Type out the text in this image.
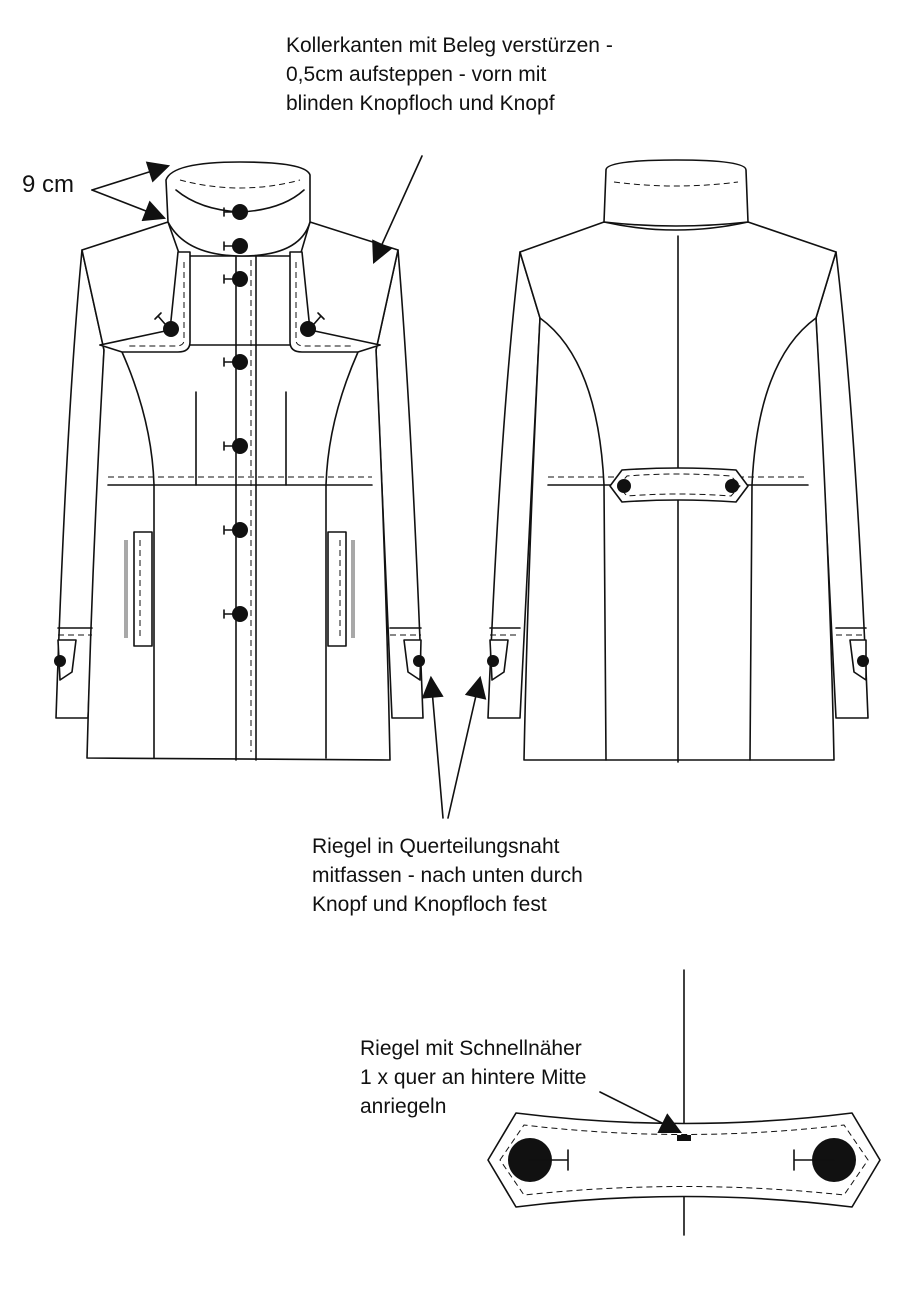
Kollerkanten mit Beleg verstürzen -
0,5cm aufsteppen - vorn mit
blinden Knopfloch und Knopf
9 cm
Riegel in Querteilungsnaht
mitfassen - nach unten durch
Knopf und Knopfloch fest
Riegel mit Schnellnäher
1 x quer an hintere Mitte
anriegeln
